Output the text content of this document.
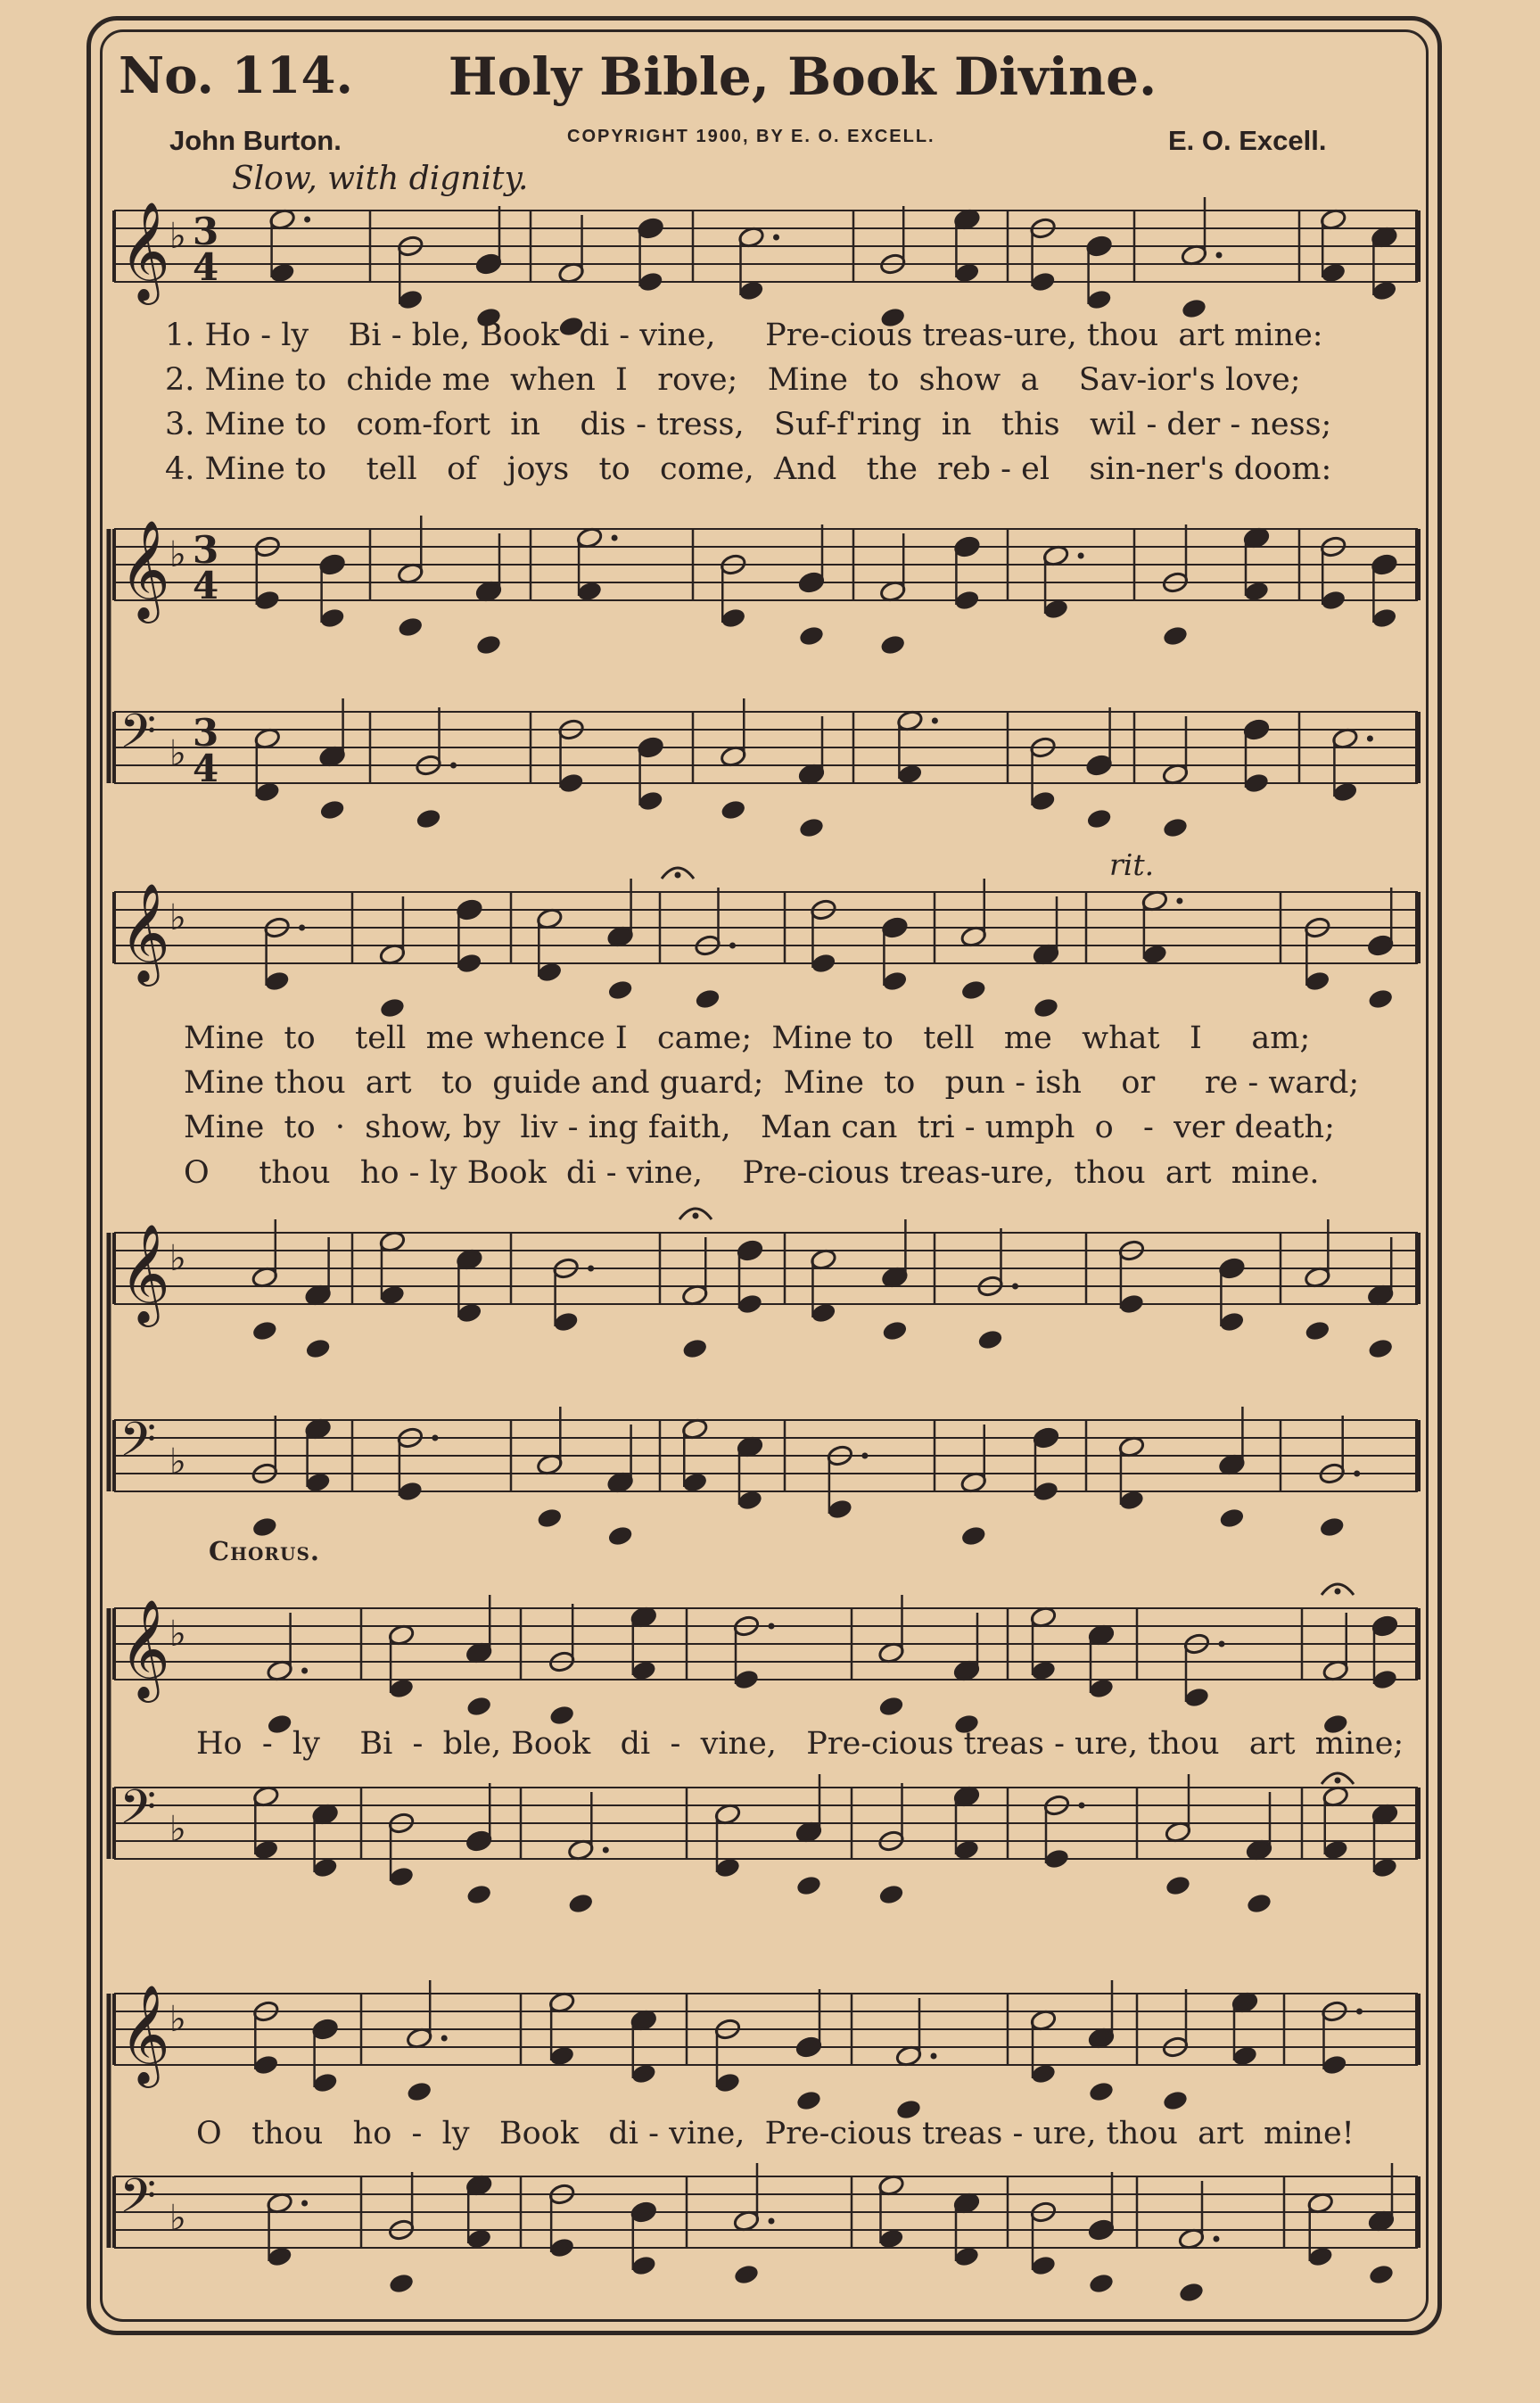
No. 114.	Holy Bible, Book Divine.
John Burton.	COPYRIGHT 1900, BY E. O. EXCELL.	E. O. Excell.
Slow, with dignity.
rit.
Chorus.
𝄞 ♭ 3
4
𝄞 ♭ 3
4
𝄢 ♭ 3
4
𝄞 ♭
𝄞 ♭
𝄢 ♭
𝄞 ♭
𝄢 ♭
𝄞 ♭
𝄢 ♭
1. Ho - ly    Bi - ble, Book  di - vine,     Pre-cious treas-ure, thou  art mine:
2. Mine to  chide me  when  I   rove;   Mine  to  show  a    Sav-ior's love;
3. Mine to   com-fort  in    dis - tress,   Suf-f'ring  in   this   wil - der - ness;
4. Mine to    tell   of   joys   to   come,  And   the  reb - el    sin-ner's doom:
Mine  to    tell  me whence I   came;  Mine to   tell   me   what   I     am;
Mine thou  art   to  guide and guard;  Mine  to   pun - ish    or     re - ward;
Mine  to  ·  show, by  liv - ing faith,   Man can  tri - umph  o   -  ver death;
O     thou   ho - ly Book  di - vine,    Pre-cious treas-ure,  thou  art  mine.
Ho  -  ly    Bi  -  ble, Book   di  -  vine,   Pre-cious treas - ure, thou   art  mine;
O   thou   ho  -  ly   Book   di - vine,  Pre-cious treas - ure, thou  art  mine!
